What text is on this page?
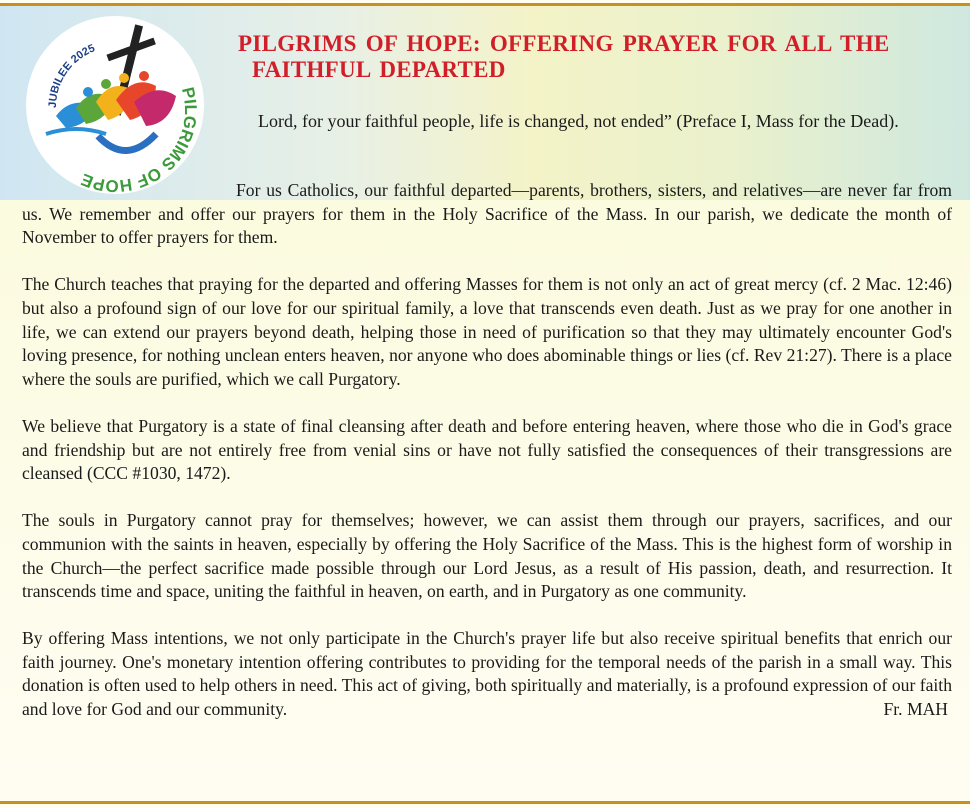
JUBILEE 2025
PILGRIMS OF HOPE
PILGRIMS OF HOPE: OFFERING PRAYER FOR ALL THE
FAITHFUL DEPARTED
Lord, for your faithful people, life is changed, not ended” (Preface I, Mass for the Dead).

For us Catholics, our faithful departed—parents, brothers, sisters, and relatives—are never far from us. We remember and offer our prayers for them in the Holy Sacrifice of the Mass. In our parish, we dedicate the month of November to offer prayers for them.

The Church teaches that praying for the departed and offering Masses for them is not only an act of great mercy (cf. 2 Mac. 12:46) but also a profound sign of our love for our spiritual family, a love that transcends even death. Just as we pray for one another in life, we can extend our prayers beyond death, helping those in need of purification so that they may ultimately encounter God's loving presence, for nothing unclean enters heaven, nor anyone who does abominable things or lies (cf. Rev 21:27). There is a place where the souls are purified, which we call Purgatory.

We believe that Purgatory is a state of final cleansing after death and before entering heaven, where those who die in God's grace and friendship but are not entirely free from venial sins or have not fully satisfied the consequences of their transgressions are cleansed (CCC #1030, 1472).

The souls in Purgatory cannot pray for themselves; however, we can assist them through our prayers, sacrifices, and our communion with the saints in heaven, especially by offering the Holy Sacrifice of the Mass. This is the highest form of worship in the Church—the perfect sacrifice made possible through our Lord Jesus, as a result of His passion, death, and resurrection. It transcends time and space, uniting the faithful in heaven, on earth, and in Purgatory as one community.

By offering Mass intentions, we not only participate in the Church's prayer life but also receive spiritual benefits that enrich our faith journey. One's monetary intention offering contributes to providing for the temporal needs of the parish in a small way. This donation is often used to help others in need. This act of giving, both spiritually and materially, is a profound expression of our faith and love for God and our community.	Fr. MAH
